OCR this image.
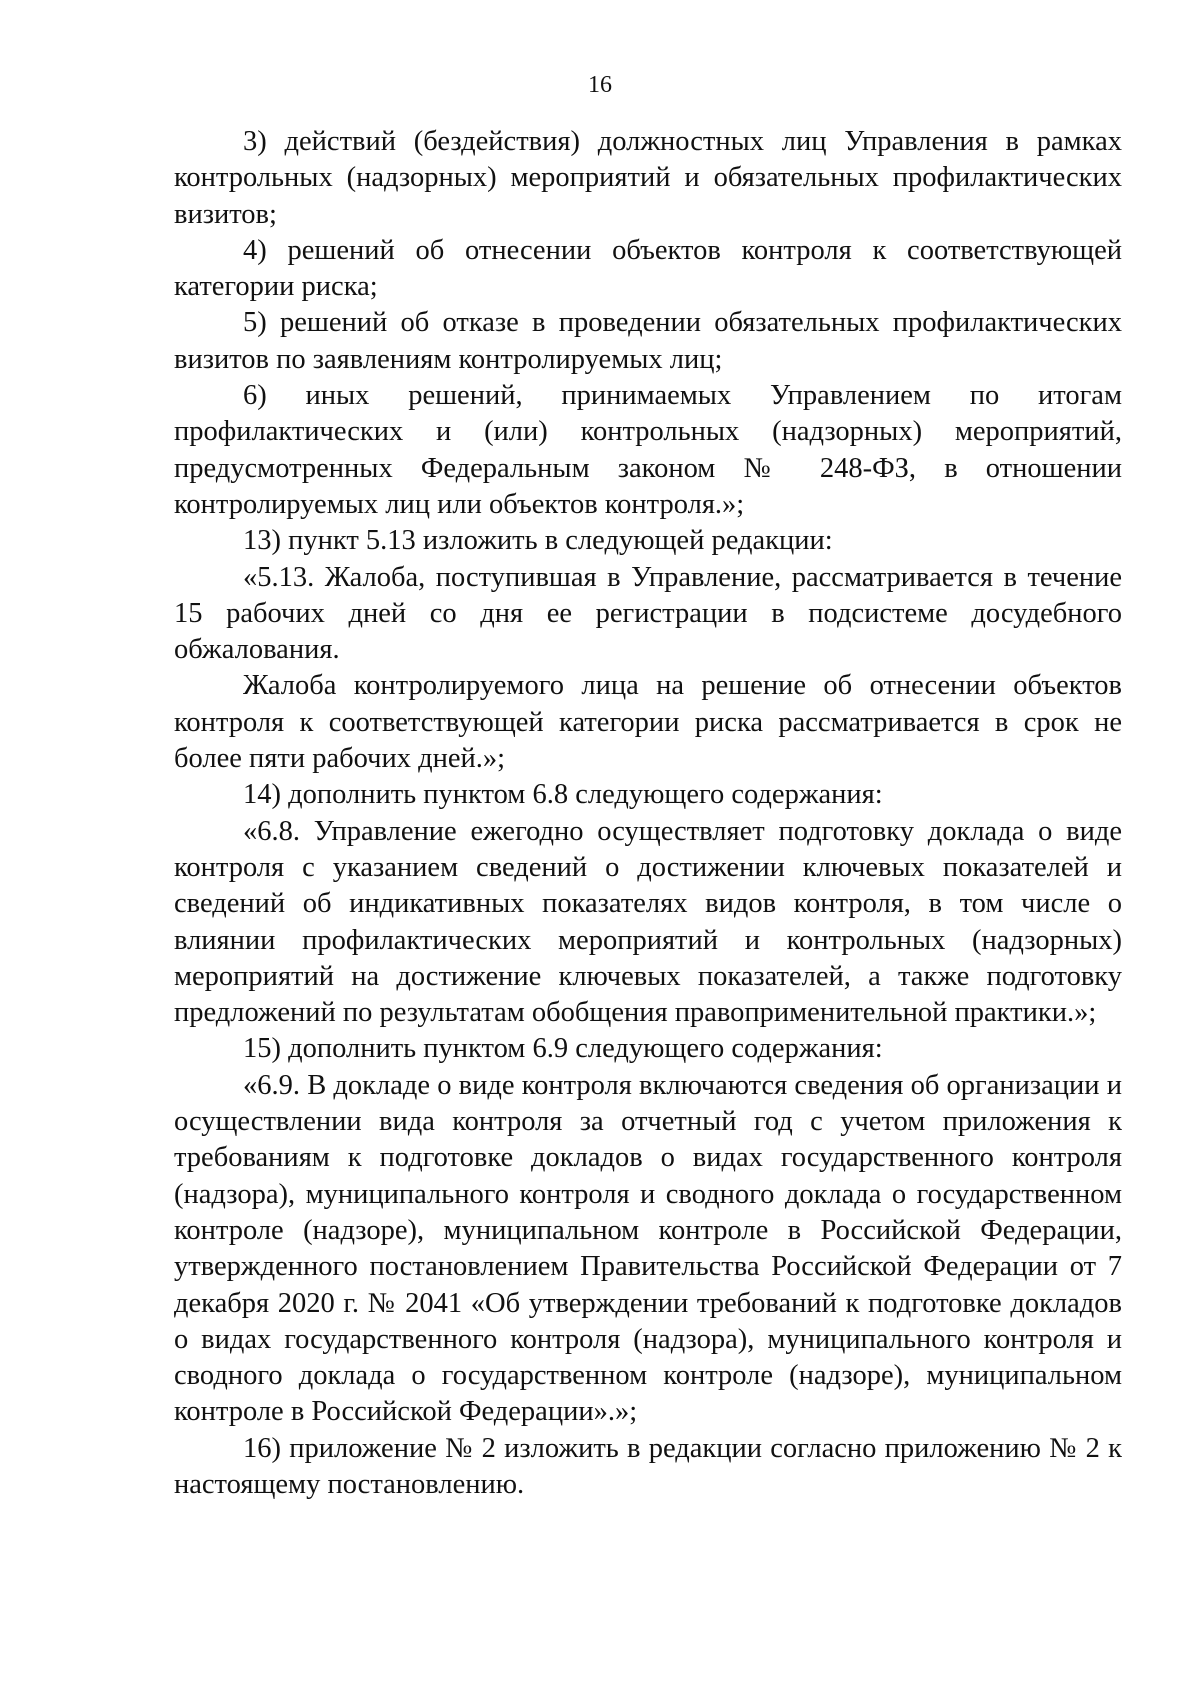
16

3) действий (бездействия) должностных лиц Управления в рамках контрольных (надзорных) мероприятий и обязательных профилактических визитов;

4) решений об отнесении объектов контроля к соответствующей категории риска;

5) решений об отказе в проведении обязательных профилактических визитов по заявлениям контролируемых лиц;

6) иных решений, принимаемых Управлением по итогам профилактических и (или) контрольных (надзорных) мероприятий, предусмотренных Федеральным законом № 248-ФЗ, в отношении контролируемых лиц или объектов контроля.»;

13) пункт 5.13 изложить в следующей редакции:

«5.13. Жалоба, поступившая в Управление, рассматривается в течение 15 рабочих дней со дня ее регистрации в подсистеме досудебного обжалования.

Жалоба контролируемого лица на решение об отнесении объектов контроля к соответствующей категории риска рассматривается в срок не более пяти рабочих дней.»;

14) дополнить пунктом 6.8 следующего содержания:

«6.8. Управление ежегодно осуществляет подготовку доклада о виде контроля с указанием сведений о достижении ключевых показателей и сведений об индикативных показателях видов контроля, в том числе о влиянии профилактических мероприятий и контрольных (надзорных) мероприятий на достижение ключевых показателей, а также подготовку предложений по результатам обобщения правоприменительной практики.»;

15) дополнить пунктом 6.9 следующего содержания:

«6.9. В докладе о виде контроля включаются сведения об организации и осуществлении вида контроля за отчетный год с учетом приложения к требованиям к подготовке докладов о видах государственного контроля (надзора), муниципального контроля и сводного доклада о государственном контроле (надзоре), муниципальном контроле в Российской Федерации, утвержденного постановлением Правительства Российской Федерации от 7 декабря 2020 г. № 2041 «Об утверждении требований к подготовке докладов о видах государственного контроля (надзора), муниципального контроля и сводного доклада о государственном контроле (надзоре), муниципальном контроле в Российской Федерации».»;

16) приложение № 2 изложить в редакции согласно приложению № 2 к настоящему постановлению.
